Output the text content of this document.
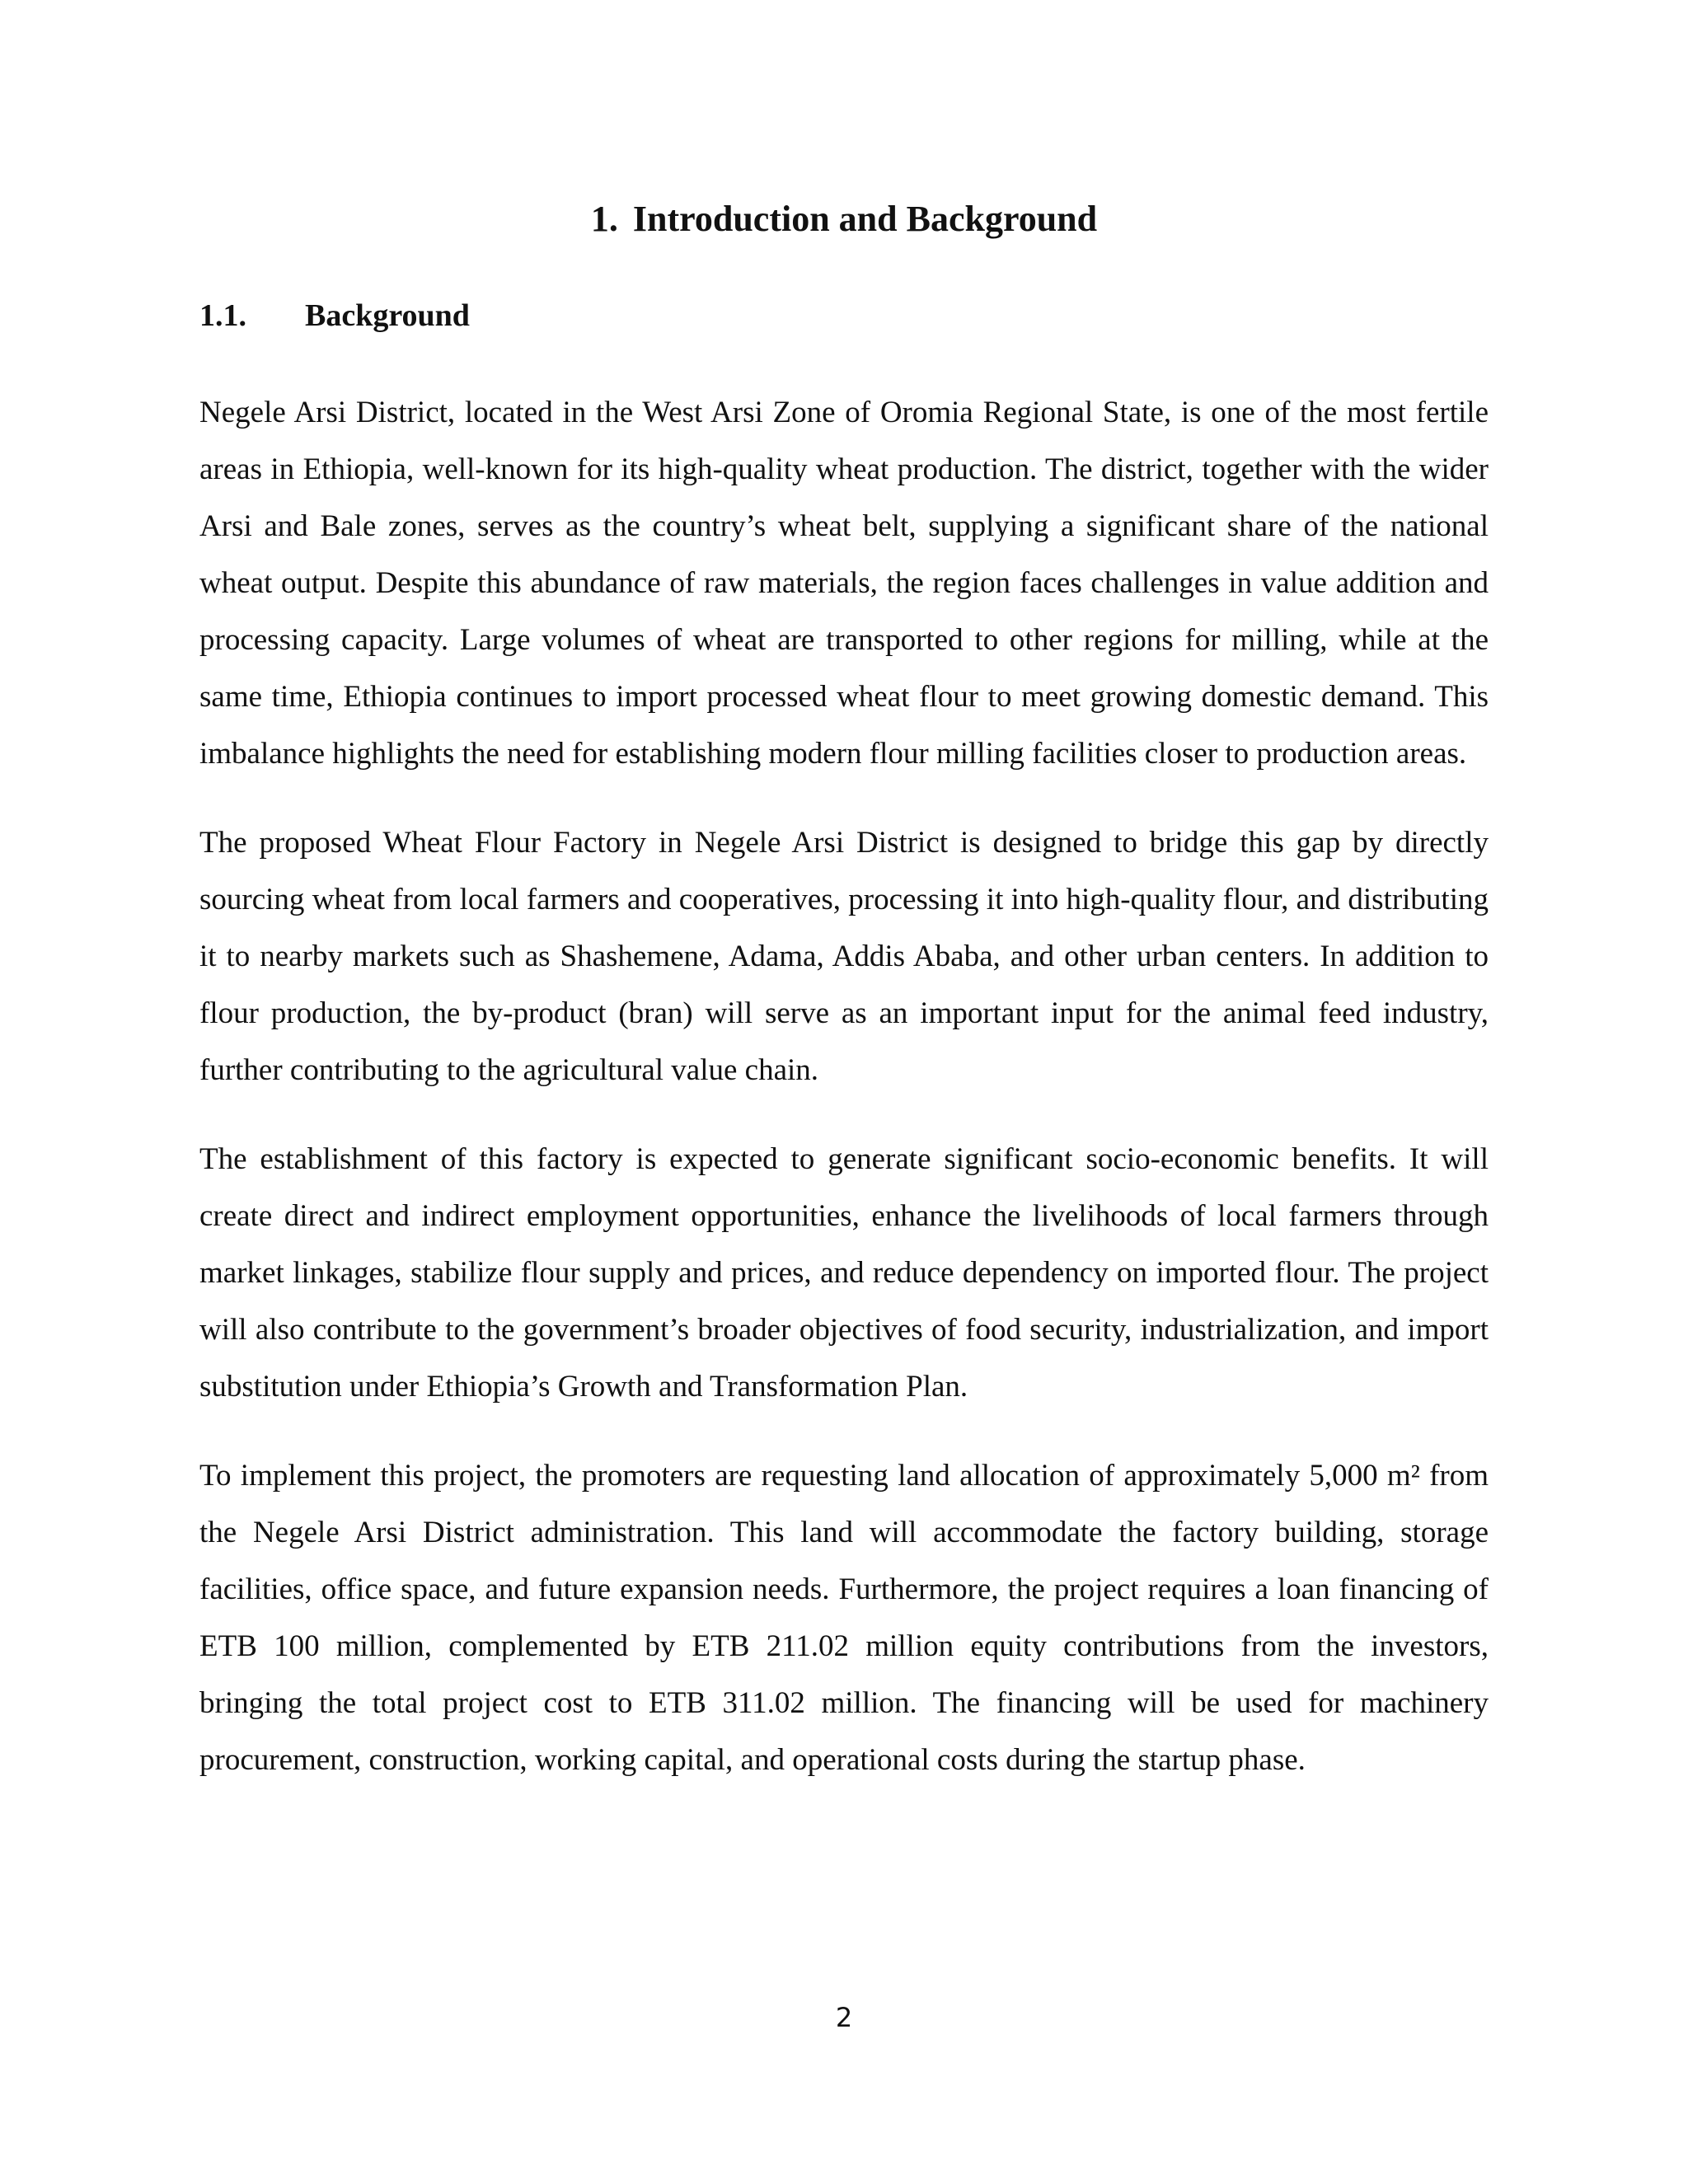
1. Introduction and Background
1.1. Background

Negele Arsi District, located in the West Arsi Zone of Oromia Regional State, is one of the most fertile areas in Ethiopia, well-known for its high-quality wheat production. The district, together with the wider Arsi and Bale zones, serves as the country’s wheat belt, supplying a significant share of the national wheat output. Despite this abundance of raw materials, the region faces challenges in value addition and processing capacity. Large volumes of wheat are transported to other regions for milling, while at the same time, Ethiopia continues to import processed wheat flour to meet growing domestic demand. This imbalance highlights the need for establishing modern flour milling facilities closer to production areas.

The proposed Wheat Flour Factory in Negele Arsi District is designed to bridge this gap by directly sourcing wheat from local farmers and cooperatives, processing it into high-quality flour, and distributing it to nearby markets such as Shashemene, Adama, Addis Ababa, and other urban centers. In addition to flour production, the by-product (bran) will serve as an important input for the animal feed industry, further contributing to the agricultural value chain.

The establishment of this factory is expected to generate significant socio-economic benefits. It will create direct and indirect employment opportunities, enhance the livelihoods of local farmers through market linkages, stabilize flour supply and prices, and reduce dependency on imported flour. The project will also contribute to the government’s broader objectives of food security, industrialization, and import substitution under Ethiopia’s Growth and Transformation Plan.

To implement this project, the promoters are requesting land allocation of approximately 5,000 m² from the Negele Arsi District administration. This land will accommodate the factory building, storage facilities, office space, and future expansion needs. Furthermore, the project requires a loan financing of ETB 100 million, complemented by ETB 211.02 million equity contributions from the investors, bringing the total project cost to ETB 311.02 million. The financing will be used for machinery procurement, construction, working capital, and operational costs during the startup phase.

2
